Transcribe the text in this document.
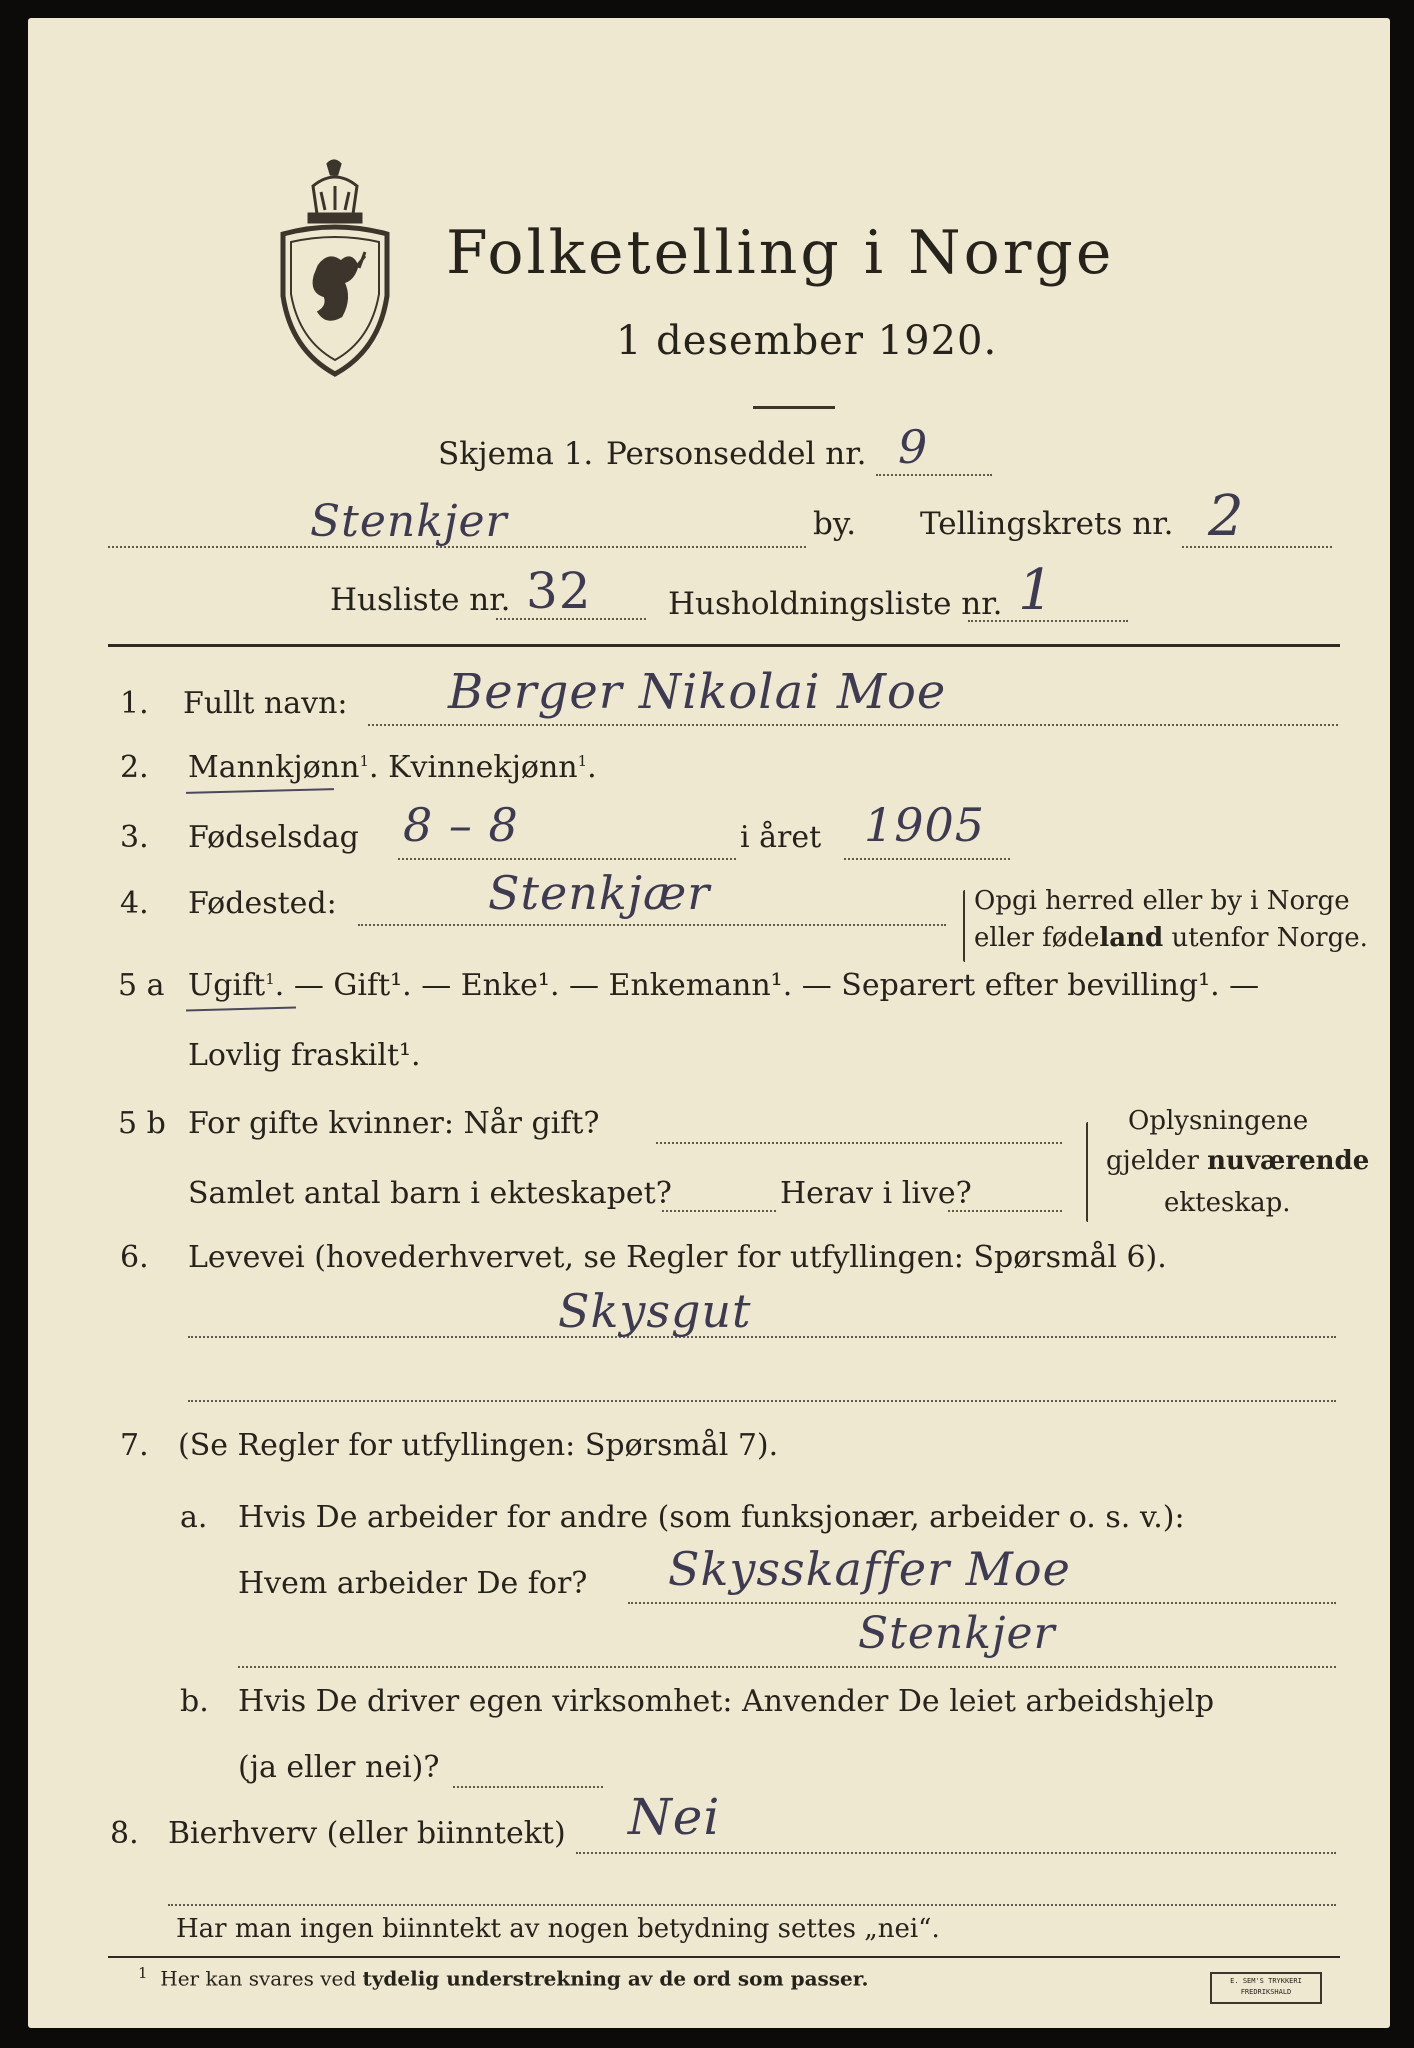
Folketelling i Norge
1 desember 1920.
Skjema 1. Personseddel nr. 9
Stenkjer	by. Tellingskrets nr. 2
Husliste nr. 32 Husholdningsliste nr. 1
1. Fullt navn: Berger Nikolai Moe
2. Mannkjønn$^1$. Kvinnekjønn$^1$.
3. Fødselsdag 8 – 8	i året 1905
4. Fødested:	Stenkjær	Opgi herred eller by i Norge
eller fødeland utenfor Norge.
5 a Ugift$^1$. — Gift¹. — Enke¹. — Enkemann¹. — Separert efter bevilling¹. —
Lovlig fraskilt¹.
5 b For gifte kvinner: Når gift?
Samlet antal barn i ekteskapet?	Herav i live?
Oplysningene
gjelder nuværende
ekteskap.
6. Levevei (hovederhvervet, se Regler for utfyllingen: Spørsmål 6).
Skysgut
7. (Se Regler for utfyllingen: Spørsmål 7).
a. Hvis De arbeider for andre (som funksjonær, arbeider o. s. v.):
Hvem arbeider De for? Skysskaffer Moe
Stenkjer
b. Hvis De driver egen virksomhet: Anvender De leiet arbeidshjelp
(ja eller nei)?
8. Bierhverv (eller biinntekt) Nei
Har man ingen biinntekt av nogen betydning settes „nei“.
$^1$ Her kan svares ved tydelig understrekning av de ord som passer.	E. SEM'S TRYKKERI
FREDRIKSHALD
